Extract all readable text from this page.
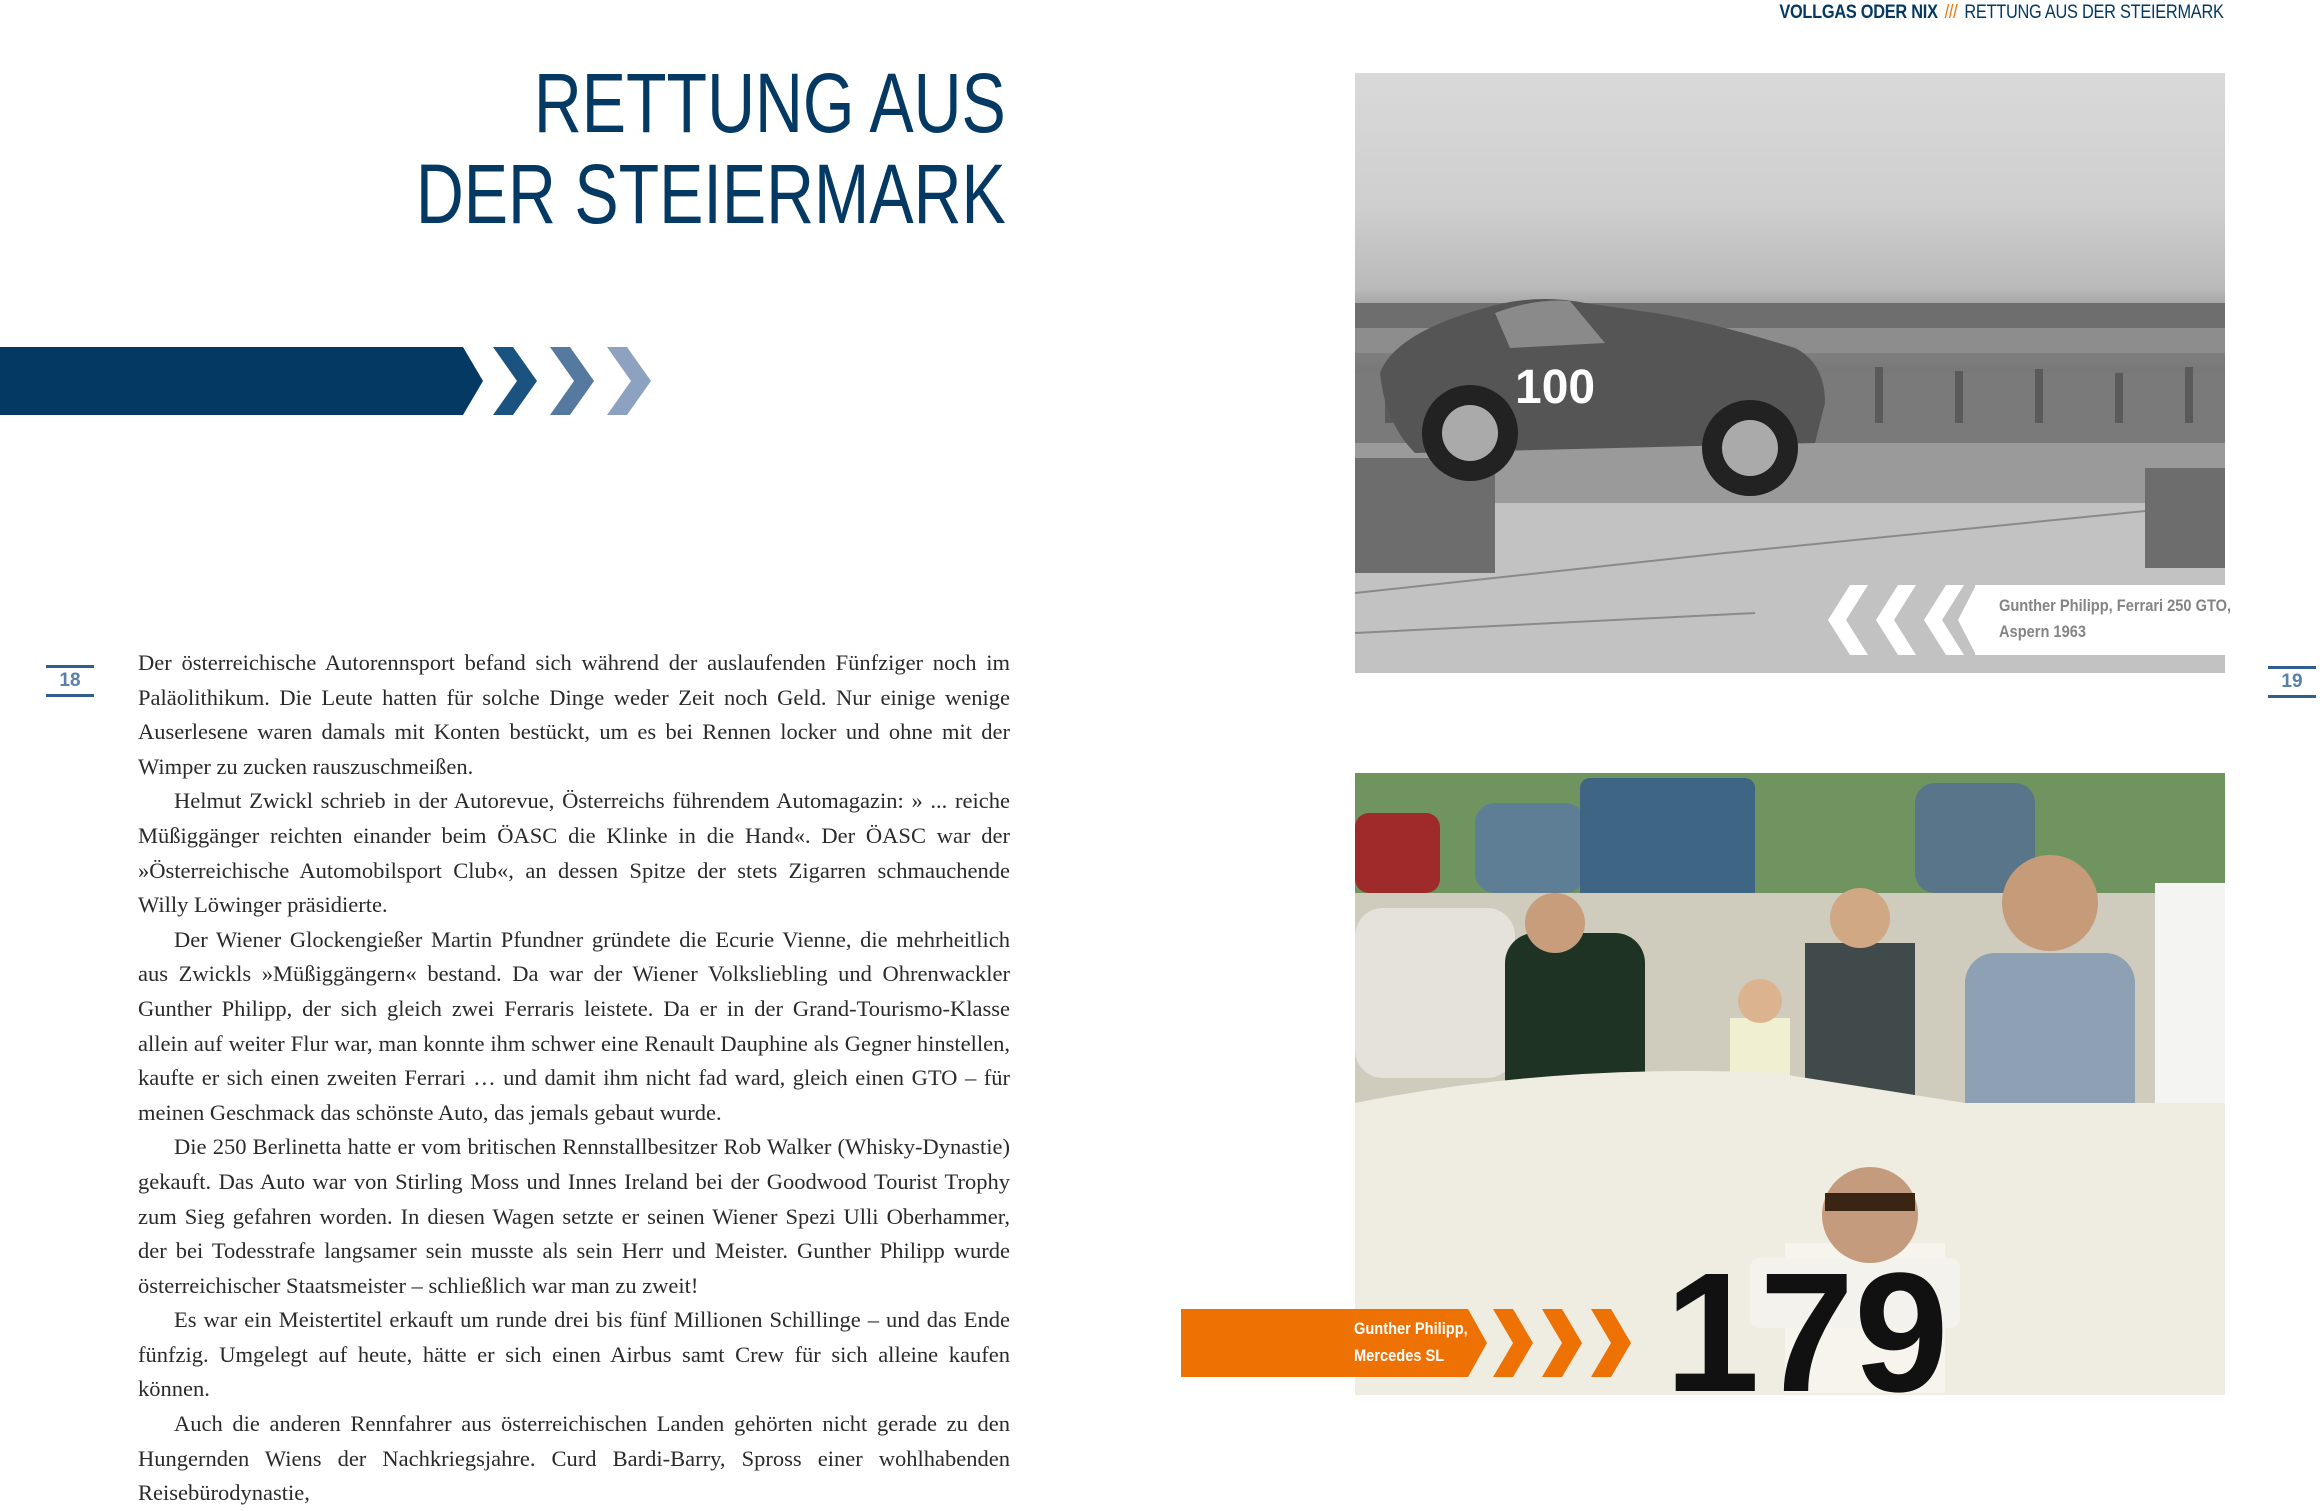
VOLLGAS ODER NIX /// RETTUNG AUS DER STEIERMARK
RETTUNG AUS
DER STEIERMARK
18	19

Der österreichische Autorennsport befand sich während der auslaufenden Fünfziger noch im Paläolithikum. Die Leute hatten für solche Dinge weder Zeit noch Geld. Nur einige wenige Auserlesene waren damals mit Konten bestückt, um es bei Rennen locker und ohne mit der Wimper zu zucken rauszuschmeißen.

Helmut Zwickl schrieb in der Autorevue, Österreichs führendem Automagazin: » ... reiche Müßiggänger reichten einander beim ÖASC die Klinke in die Hand«. Der ÖASC war der »Österreichische Automobilsport Club«, an dessen Spitze der stets Zigarren schmauchende Willy Löwinger präsidierte.

Der Wiener Glockengießer Martin Pfundner gründete die Ecurie Vienne, die mehrheitlich aus Zwickls »Müßiggängern« bestand. Da war der Wiener Volksliebling und Ohrenwackler Gunther Philipp, der sich gleich zwei Ferraris leistete. Da er in der Grand-Tourismo-Klasse allein auf weiter Flur war, man konnte ihm schwer eine Renault Dauphine als Gegner hinstellen, kaufte er sich einen zweiten Ferrari … und damit ihm nicht fad ward, gleich einen GTO – für meinen Geschmack das schönste Auto, das jemals gebaut wurde.

Die 250 Berlinetta hatte er vom britischen Rennstallbesitzer Rob Walker (Whisky-Dynastie) gekauft. Das Auto war von Stirling Moss und Innes Ireland bei der Goodwood Tourist Trophy zum Sieg gefahren worden. In diesen Wagen setzte er seinen Wiener Spezi Ulli Oberhammer, der bei Todesstrafe langsamer sein musste als sein Herr und Meister. Gunther Philipp wurde österreichischer Staatsmeister – schließlich war man zu zweit!

Es war ein Meistertitel erkauft um runde drei bis fünf Millionen Schillinge – und das Ende fünfzig. Umgelegt auf heute, hätte er sich einen Airbus samt Crew für sich alleine kaufen können.

Auch die anderen Rennfahrer aus österreichischen Landen gehörten nicht gerade zu den Hungernden Wiens der Nachkriegsjahre. Curd Bardi-Barry, Spross einer wohlhabenden Reisebürodynastie,

100
Gunther Philipp, Ferrari 250 GTO,
Aspern 1963
179
Gunther Philipp,
Mercedes SL
